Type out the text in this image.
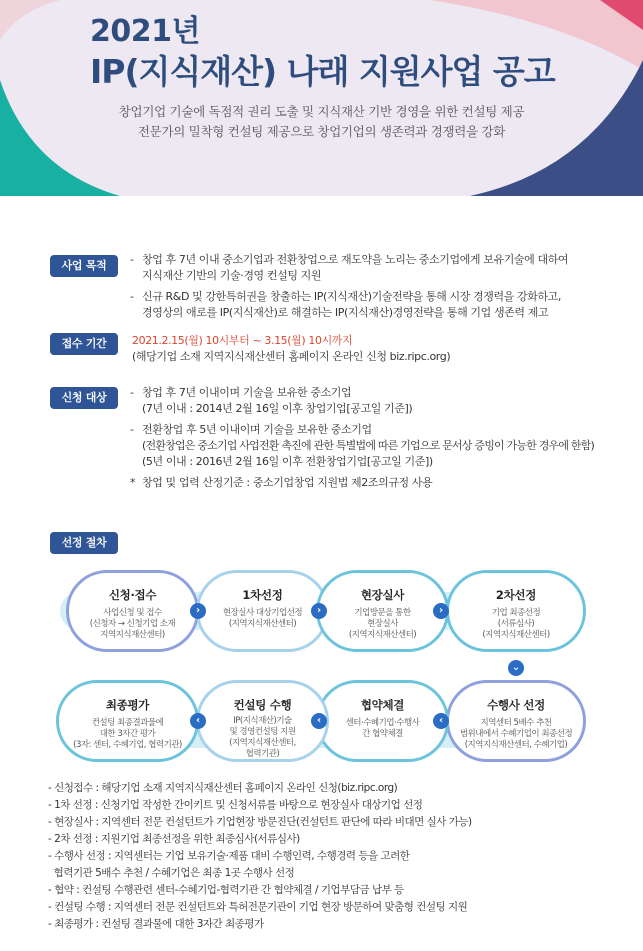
2021년
IP(지식재산) 나래 지원사업 공고
창업기업 기술에 독점적 권리 도출 및 지식재산 기반 경영을 위한 컨설팅 제공
전문가의 밀착형 컨설팅 제공으로 창업기업의 생존력과 경쟁력을 강화
사업 목적	- 창업 후 7년 이내 중소기업과 전환창업으로 재도약을 노리는 중소기업에게 보유기술에 대하여
지식재산 기반의 기술·경영 컨설팅 지원
- 신규 R&D 및 강한특허권을 창출하는 IP(지식재산)기술전략을 통해 시장 경쟁력을 강화하고,
경영상의 애로를 IP(지식재산)로 해결하는 IP(지식재산)경영전략을 통해 기업 생존력 제고
접수 기간	2021.2.15(월) 10시부터 ~ 3.15(월) 10시까지
(해당기업 소재 지역지식재산센터 홈페이지 온라인 신청 biz.ripc.org)
신청 대상	- 창업 후 7년 이내이며 기술을 보유한 중소기업
(7년 이내 : 2014년 2월 16일 이후 창업기업[공고일 기준])
- 전환창업 후 5년 이내이며 기술을 보유한 중소기업
(전환창업은 중소기업 사업전환 촉진에 관한 특별법에 따른 기업으로 문서상 증빙이 가능한 경우에 한함)
(5년 이내 : 2016년 2월 16일 이후 전환창업기업[공고일 기준])
* 창업 및 업력 산정기준 : 중소기업창업 지원법 제2조의규정 사용
선정 절차
신청·접수
사업신청 및 접수
(신청자 → 신청기업 소재
지역지식재산센터)
1차선정
현장실사 대상기업선정
(지역지식재산센터)
현장실사
기업방문을 통한
현장실사
(지역지식재산센터)
2차선정
기업 최종선정
(서류심사)
(지역지식재산센터)
›	›	›
⌄
수행사 선정
지역센터 5배수 추천
범위내에서 수혜기업이 최종선정
(지역지식재산센터, 수혜기업)
협약체결
센터·수혜기업·수행사
간 협약체결
컨설팅 수행
IP(지식재산)기술
및 경영컨설팅 지원
(지역지식재산센터,
협력기관)
최종평가
컨설팅 최종결과물에
대한 3자간 평가
(3자: 센터, 수혜기업, 협력기관)
‹
‹
‹
- 신청접수 : 해당기업 소재 지역지식재산센터 홈페이지 온라인 신청(biz.ripc.org)
- 1차 선정 : 신청기업 작성한 간이키트 및 신청서류를 바탕으로 현장실사 대상기업 선정
- 현장실사 : 지역센터 전문 컨설턴트가 기업현장 방문진단(컨설턴트 판단에 따라 비대면 실사 가능)
- 2차 선정 : 지원기업 최종선정을 위한 최종심사(서류심사)
- 수행사 선정 : 지역센터는 기업 보유기술·제품 대비 수행인력, 수행경력 등을 고려한
협력기관 5배수 추천 / 수혜기업은 최종 1곳 수행사 선정
- 협약 : 컨설팅 수행관련 센터-수혜기업-협력기관 간 협약체결 / 기업부담금 납부 등
- 컨설팅 수행 : 지역센터 전문 컨설턴트와 특허전문기관이 기업 현장 방문하여 맞춤형 컨설팅 지원
- 최종평가 : 컨설팅 결과물에 대한 3자간 최종평가
